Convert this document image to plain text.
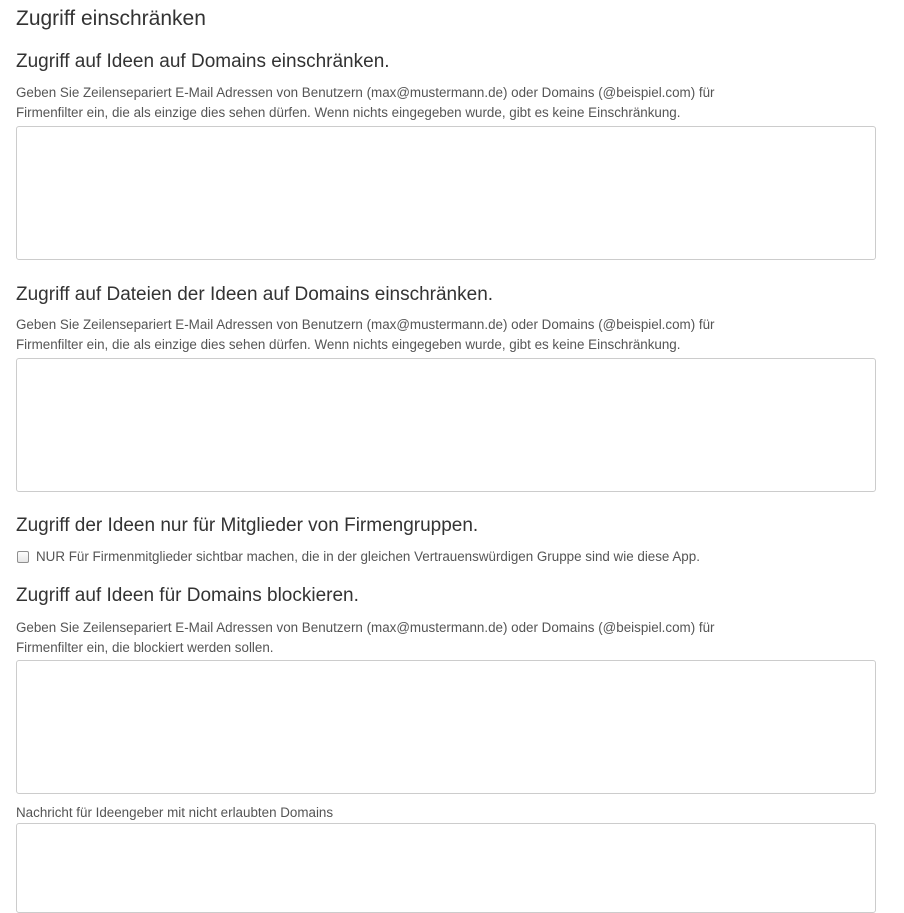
Zugriff einschränken
Zugriff auf Ideen auf Domains einschränken.

Geben Sie Zeilensepariert E-Mail Adressen von Benutzern (max@mustermann.de) oder Domains (@beispiel.com) für
Firmenfilter ein, die als einzige dies sehen dürfen. Wenn nichts eingegeben wurde, gibt es keine Einschränkung.

Zugriff auf Dateien der Ideen auf Domains einschränken.

Geben Sie Zeilensepariert E-Mail Adressen von Benutzern (max@mustermann.de) oder Domains (@beispiel.com) für
Firmenfilter ein, die als einzige dies sehen dürfen. Wenn nichts eingegeben wurde, gibt es keine Einschränkung.

Zugriff der Ideen nur für Mitglieder von Firmengruppen.
NUR Für Firmenmitglieder sichtbar machen, die in der gleichen Vertrauenswürdigen Gruppe sind wie diese App.
Zugriff auf Ideen für Domains blockieren.

Geben Sie Zeilensepariert E-Mail Adressen von Benutzern (max@mustermann.de) oder Domains (@beispiel.com) für
Firmenfilter ein, die blockiert werden sollen.

Nachricht für Ideengeber mit nicht erlaubten Domains
